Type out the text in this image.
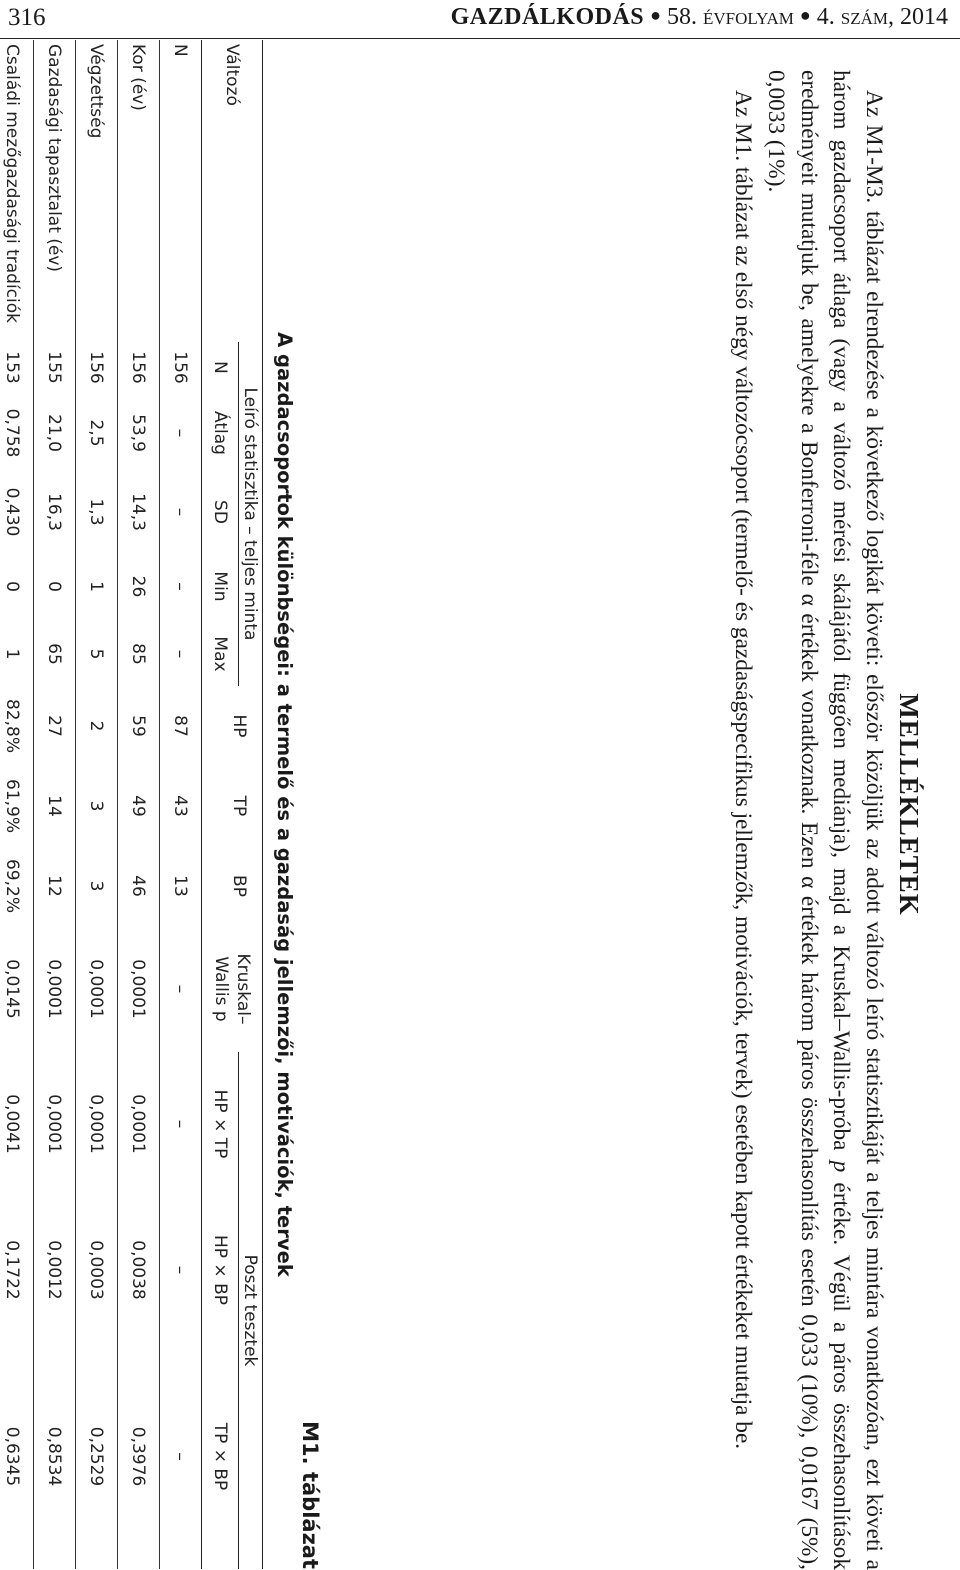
316	GAZDÁLKODÁS ● 58. évfolyam ● 4. szám, 2014
MELLÉKLETEK

Az M1-M3. táblázat elrendezése a következő logikát követi: először közöljük az adott változó leíró statisztikáját a teljes mintára vonatkozóan, ezt követi a három gazdacsoport átlaga (vagy a változó mérési skálájától függően mediánja), majd a Kruskal–Wallis-próba p értéke. Végül a páros összehasonlítások eredményeit mutatjuk be, amelyekre a Bonferroni-féle α értékek vonatkoznak. Ezen α értékek három páros összehasonlítás esetén 0,033 (10%), 0,0167 (5%), 0,0033 (1%).

Az M1. táblázat az első négy változócsoport (termelő- és gazdaságspecifikus jellemzők, motivációk, tervek) esetében kapott értékeket mutatja be.

M1. táblázat
A gazdacsoportok különbségei: a termelő és a gazdaság jellemzői, motivációk, tervek
Változó	Leíró statisztika – teljes minta					HP	TP	BP	Kruskal–Wallis p	Poszt tesztek		
	N	Átlag	SD	Min	Max					HP × TP	HP × BP	TP × BP
N	156	–	–	–	–	87	43	13	–	–	–	–
Kor (év)	156	53,9	14,3	26	85	59	49	46	0,0001	0,0001	0,0038	0,3976
Végzettség	156	2,5	1,3	1	5	2	3	3	0,0001	0,0001	0,0003	0,2529
Gazdasági tapasztalat (év)	155	21,0	16,3	0	65	27	14	12	0,0001	0,0001	0,0012	0,8534
Családi mezőgazdasági tradíciók	153	0,758	0,430	0	1	82,8%	61,9%	69,2%	0,0145	0,0041	0,1722	0,6345
